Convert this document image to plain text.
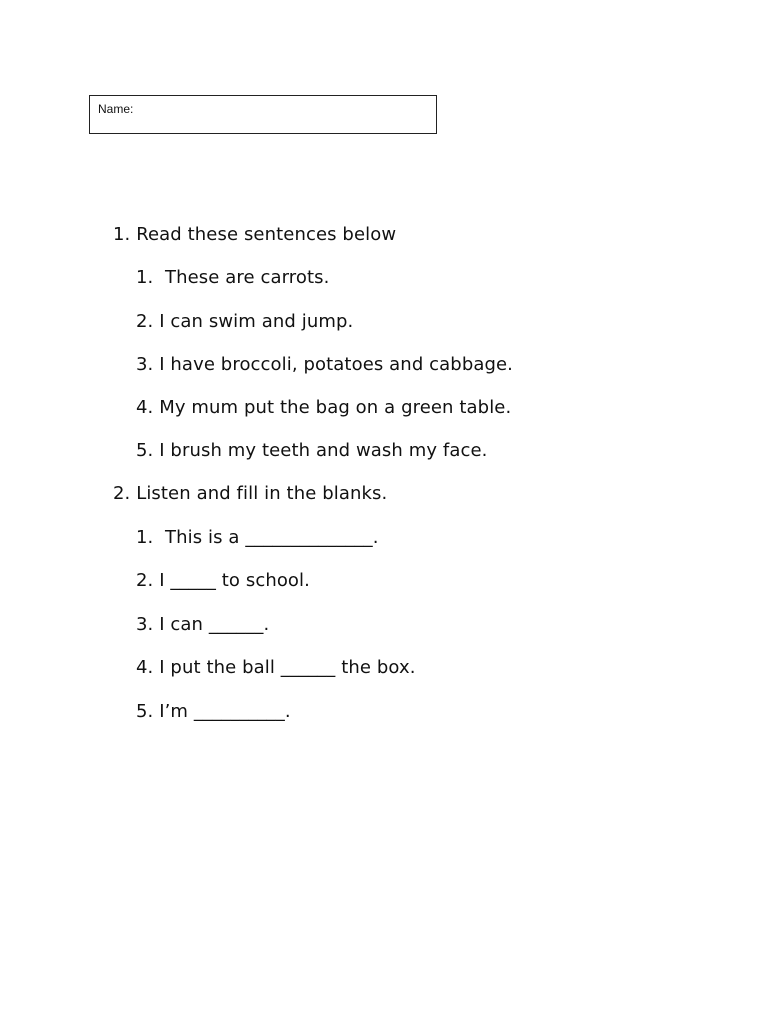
Name:
1. Read these sentences below
1.  These are carrots.
2. I can swim and jump.
3. I have broccoli, potatoes and cabbage.
4. My mum put the bag on a green table.
5. I brush my teeth and wash my face.
2. Listen and fill in the blanks.
1.  This is a ______________.
2. I _____ to school.
3. I can ______.
4. I put the ball ______ the box.
5. I’m __________.
